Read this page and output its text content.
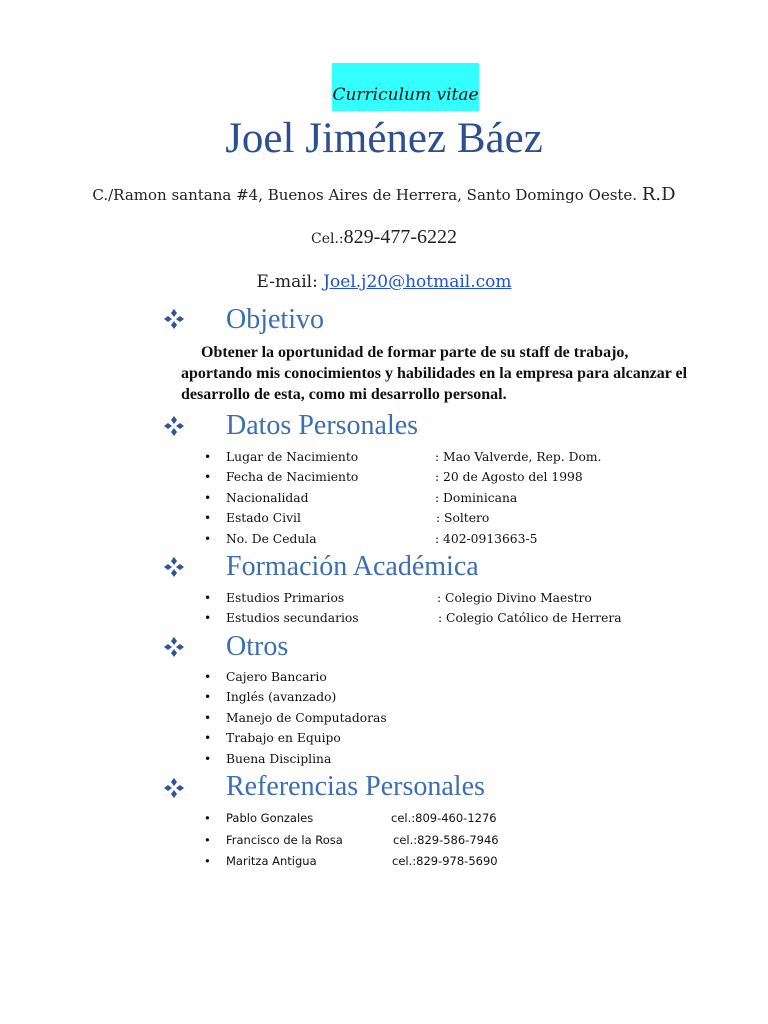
Curriculum vitae
Joel Jiménez Báez
C./Ramon santana #4, Buenos Aires de Herrera, Santo Domingo Oeste. R.D
Cel.:829-477-6222
E-mail: Joel.j20@hotmail.com
Objetivo
Obtener la oportunidad de formar parte de su staff de trabajo,
aportando mis conocimientos y habilidades en la empresa para alcanzar el desarrollo de esta, como mi desarrollo personal.
Datos Personales
• Lugar de Nacimiento	: Mao Valverde, Rep. Dom.
• Fecha de Nacimiento	: 20 de Agosto del 1998
• Nacionalidad	: Dominicana
• Estado Civil	: Soltero
• No. De Cedula	: 402-0913663-5
Formación Académica
• Estudios Primarios	: Colegio Divino Maestro
• Estudios secundarios	: Colegio Católico de Herrera
Otros
• Cajero Bancario
• Inglés (avanzado)
• Manejo de Computadoras
• Trabajo en Equipo
• Buena Disciplina
Referencias Personales
• Pablo Gonzales	cel.:809-460-1276
• Francisco de la Rosa	cel.:829-586-7946
• Maritza Antigua	cel.:829-978-5690
